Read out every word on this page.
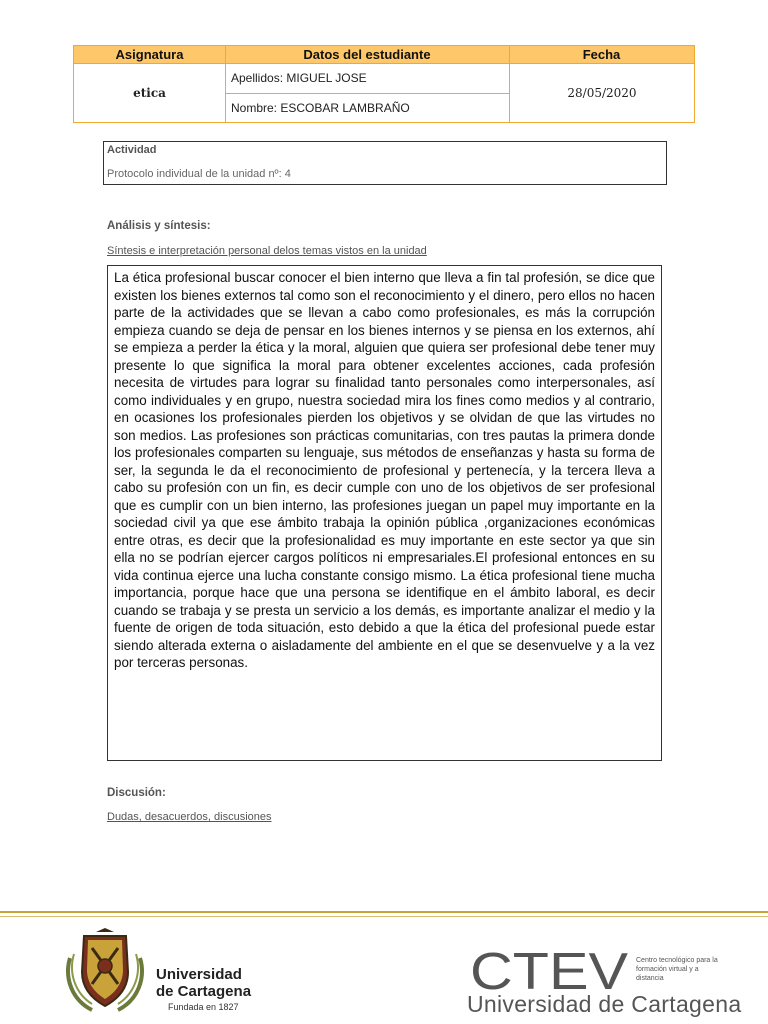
Asignatura	Datos del estudiante	Fecha
etica
Apellidos: MIGUEL JOSE
Nombre: ESCOBAR LAMBRAÑO
28/05/2020
Actividad
Protocolo individual de la unidad nº: 4
Análisis y síntesis:
Síntesis e interpretación personal delos temas vistos en la unidad

La ética profesional buscar conocer el bien interno que lleva a fin tal profesión, se dice que existen los bienes externos tal como son el reconocimiento y el dinero, pero ellos no hacen parte de la actividades que se llevan a cabo como profesionales, es más la corrupción empieza cuando se deja de pensar en los bienes internos y se piensa en los externos, ahí se empieza a perder la ética y la moral, alguien que quiera ser profesional debe tener muy presente lo que significa la moral para obtener excelentes acciones, cada profesión necesita de virtudes para lograr su finalidad tanto personales como interpersonales, así como individuales y en grupo, nuestra sociedad mira los fines como medios y al contrario, en ocasiones los profesionales pierden los objetivos y se olvidan de que las virtudes no son medios. Las profesiones son prácticas comunitarias, con tres pautas la primera donde los profesionales comparten su lenguaje, sus métodos de enseñanzas y hasta su forma de ser, la segunda le da el reconocimiento de profesional y pertenecía, y la tercera lleva a cabo su profesión con un fin, es decir cumple con uno de los objetivos de ser profesional que es cumplir con un bien interno, las profesiones juegan un papel muy importante en la sociedad civil ya que ese ámbito trabaja la opinión pública ,organizaciones económicas entre otras, es decir que la profesionalidad es muy importante en este sector ya que sin ella no se podrían ejercer cargos políticos ni empresariales.El profesional entonces en su vida continua ejerce una lucha constante consigo mismo. La ética profesional tiene mucha importancia, porque hace que una persona se identifique en el ámbito laboral, es decir cuando se trabaja y se presta un servicio a los demás, es importante analizar el medio y la fuente de origen de toda situación, esto debido a que la ética del profesional puede estar siendo alterada externa o aisladamente del ambiente en el que se desenvuelve y a la vez por terceras personas.

Discusión:
Dudas, desacuerdos, discusiones
Universidad
de Cartagena
Fundada en 1827
CTEV Centro tecnológico para la formación virtual y a distancia
Universidad de Cartagena
